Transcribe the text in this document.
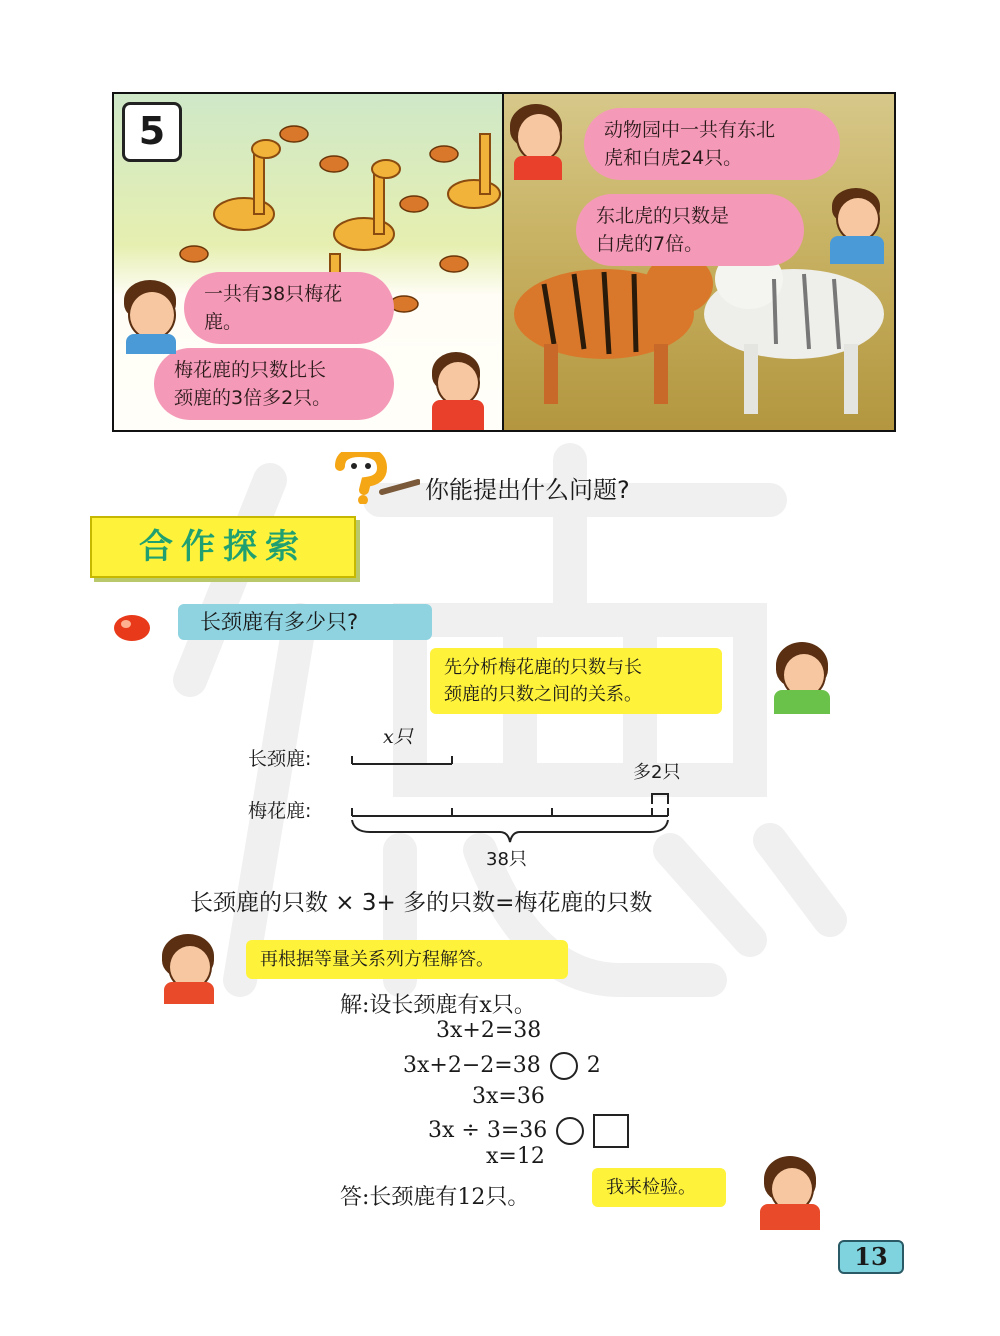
5
一共有38只梅花鹿。
梅花鹿的只数比长
颈鹿的3倍多2只。
动物园中一共有东北
虎和白虎24只。
东北虎的只数是
白虎的7倍。
你能提出什么问题?
合作探索
长颈鹿有多少只?
先分析梅花鹿的只数与长
颈鹿的只数之间的关系。
长颈鹿:
x只
梅花鹿:
多2只
38只
长颈鹿的只数 × 3+ 多的只数=梅花鹿的只数
再根据等量关系列方程解答。
解:设长颈鹿有x只。
3x+2=38
3x+2−2=38 2
3x=36
3x ÷ 3=36
x=12
答:长颈鹿有12只。	我来检验。
13
